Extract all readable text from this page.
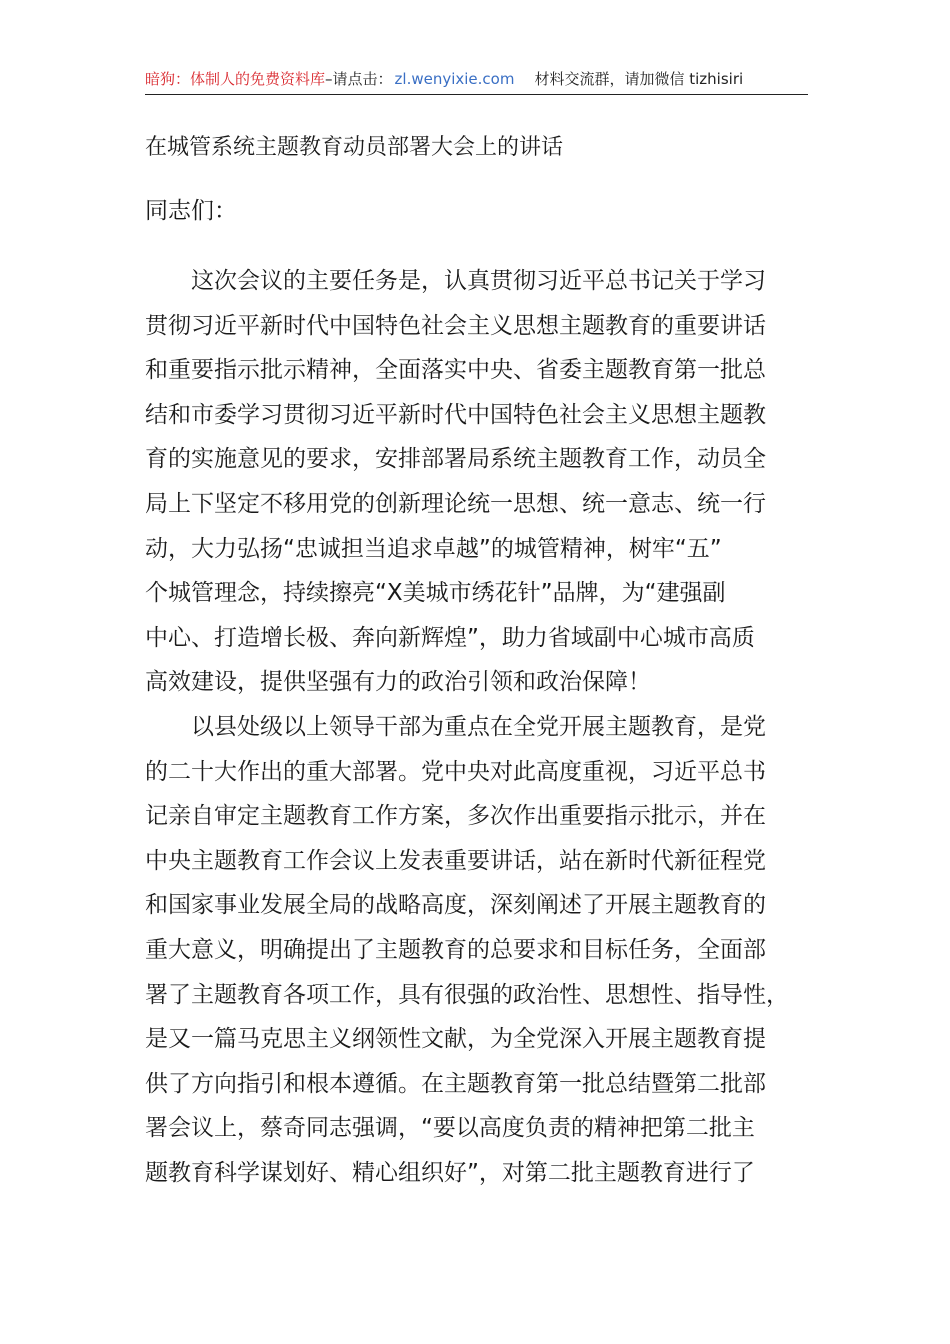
暗狗：体制人的免费资料库–请点击： zl.wenyixie.com 材料交流群，请加微信 tizhisiri
在城管系统主题教育动员部署大会上的讲话
同志们：
这次会议的主要任务是，认真贯彻习近平总书记关于学习
贯彻习近平新时代中国特色社会主义思想主题教育的重要讲话
和重要指示批示精神，全面落实中央、省委主题教育第一批总
结和市委学习贯彻习近平新时代中国特色社会主义思想主题教
育的实施意见的要求，安排部署局系统主题教育工作，动员全
局上下坚定不移用党的创新理论统一思想、统一意志、统一行
动，大力弘扬“忠诚担当追求卓越”的城管精神，树牢“五”
个城管理念，持续擦亮“X美城市绣花针”品牌，为“建强副
中心、打造增长极、奔向新辉煌”，助力省域副中心城市高质
高效建设，提供坚强有力的政治引领和政治保障！
以县处级以上领导干部为重点在全党开展主题教育，是党
的二十大作出的重大部署。党中央对此高度重视，习近平总书
记亲自审定主题教育工作方案，多次作出重要指示批示，并在
中央主题教育工作会议上发表重要讲话，站在新时代新征程党
和国家事业发展全局的战略高度，深刻阐述了开展主题教育的
重大意义，明确提出了主题教育的总要求和目标任务，全面部
署了主题教育各项工作，具有很强的政治性、思想性、指导性，
是又一篇马克思主义纲领性文献，为全党深入开展主题教育提
供了方向指引和根本遵循。在主题教育第一批总结暨第二批部
署会议上，蔡奇同志强调，“要以高度负责的精神把第二批主
题教育科学谋划好、精心组织好”，对第二批主题教育进行了
